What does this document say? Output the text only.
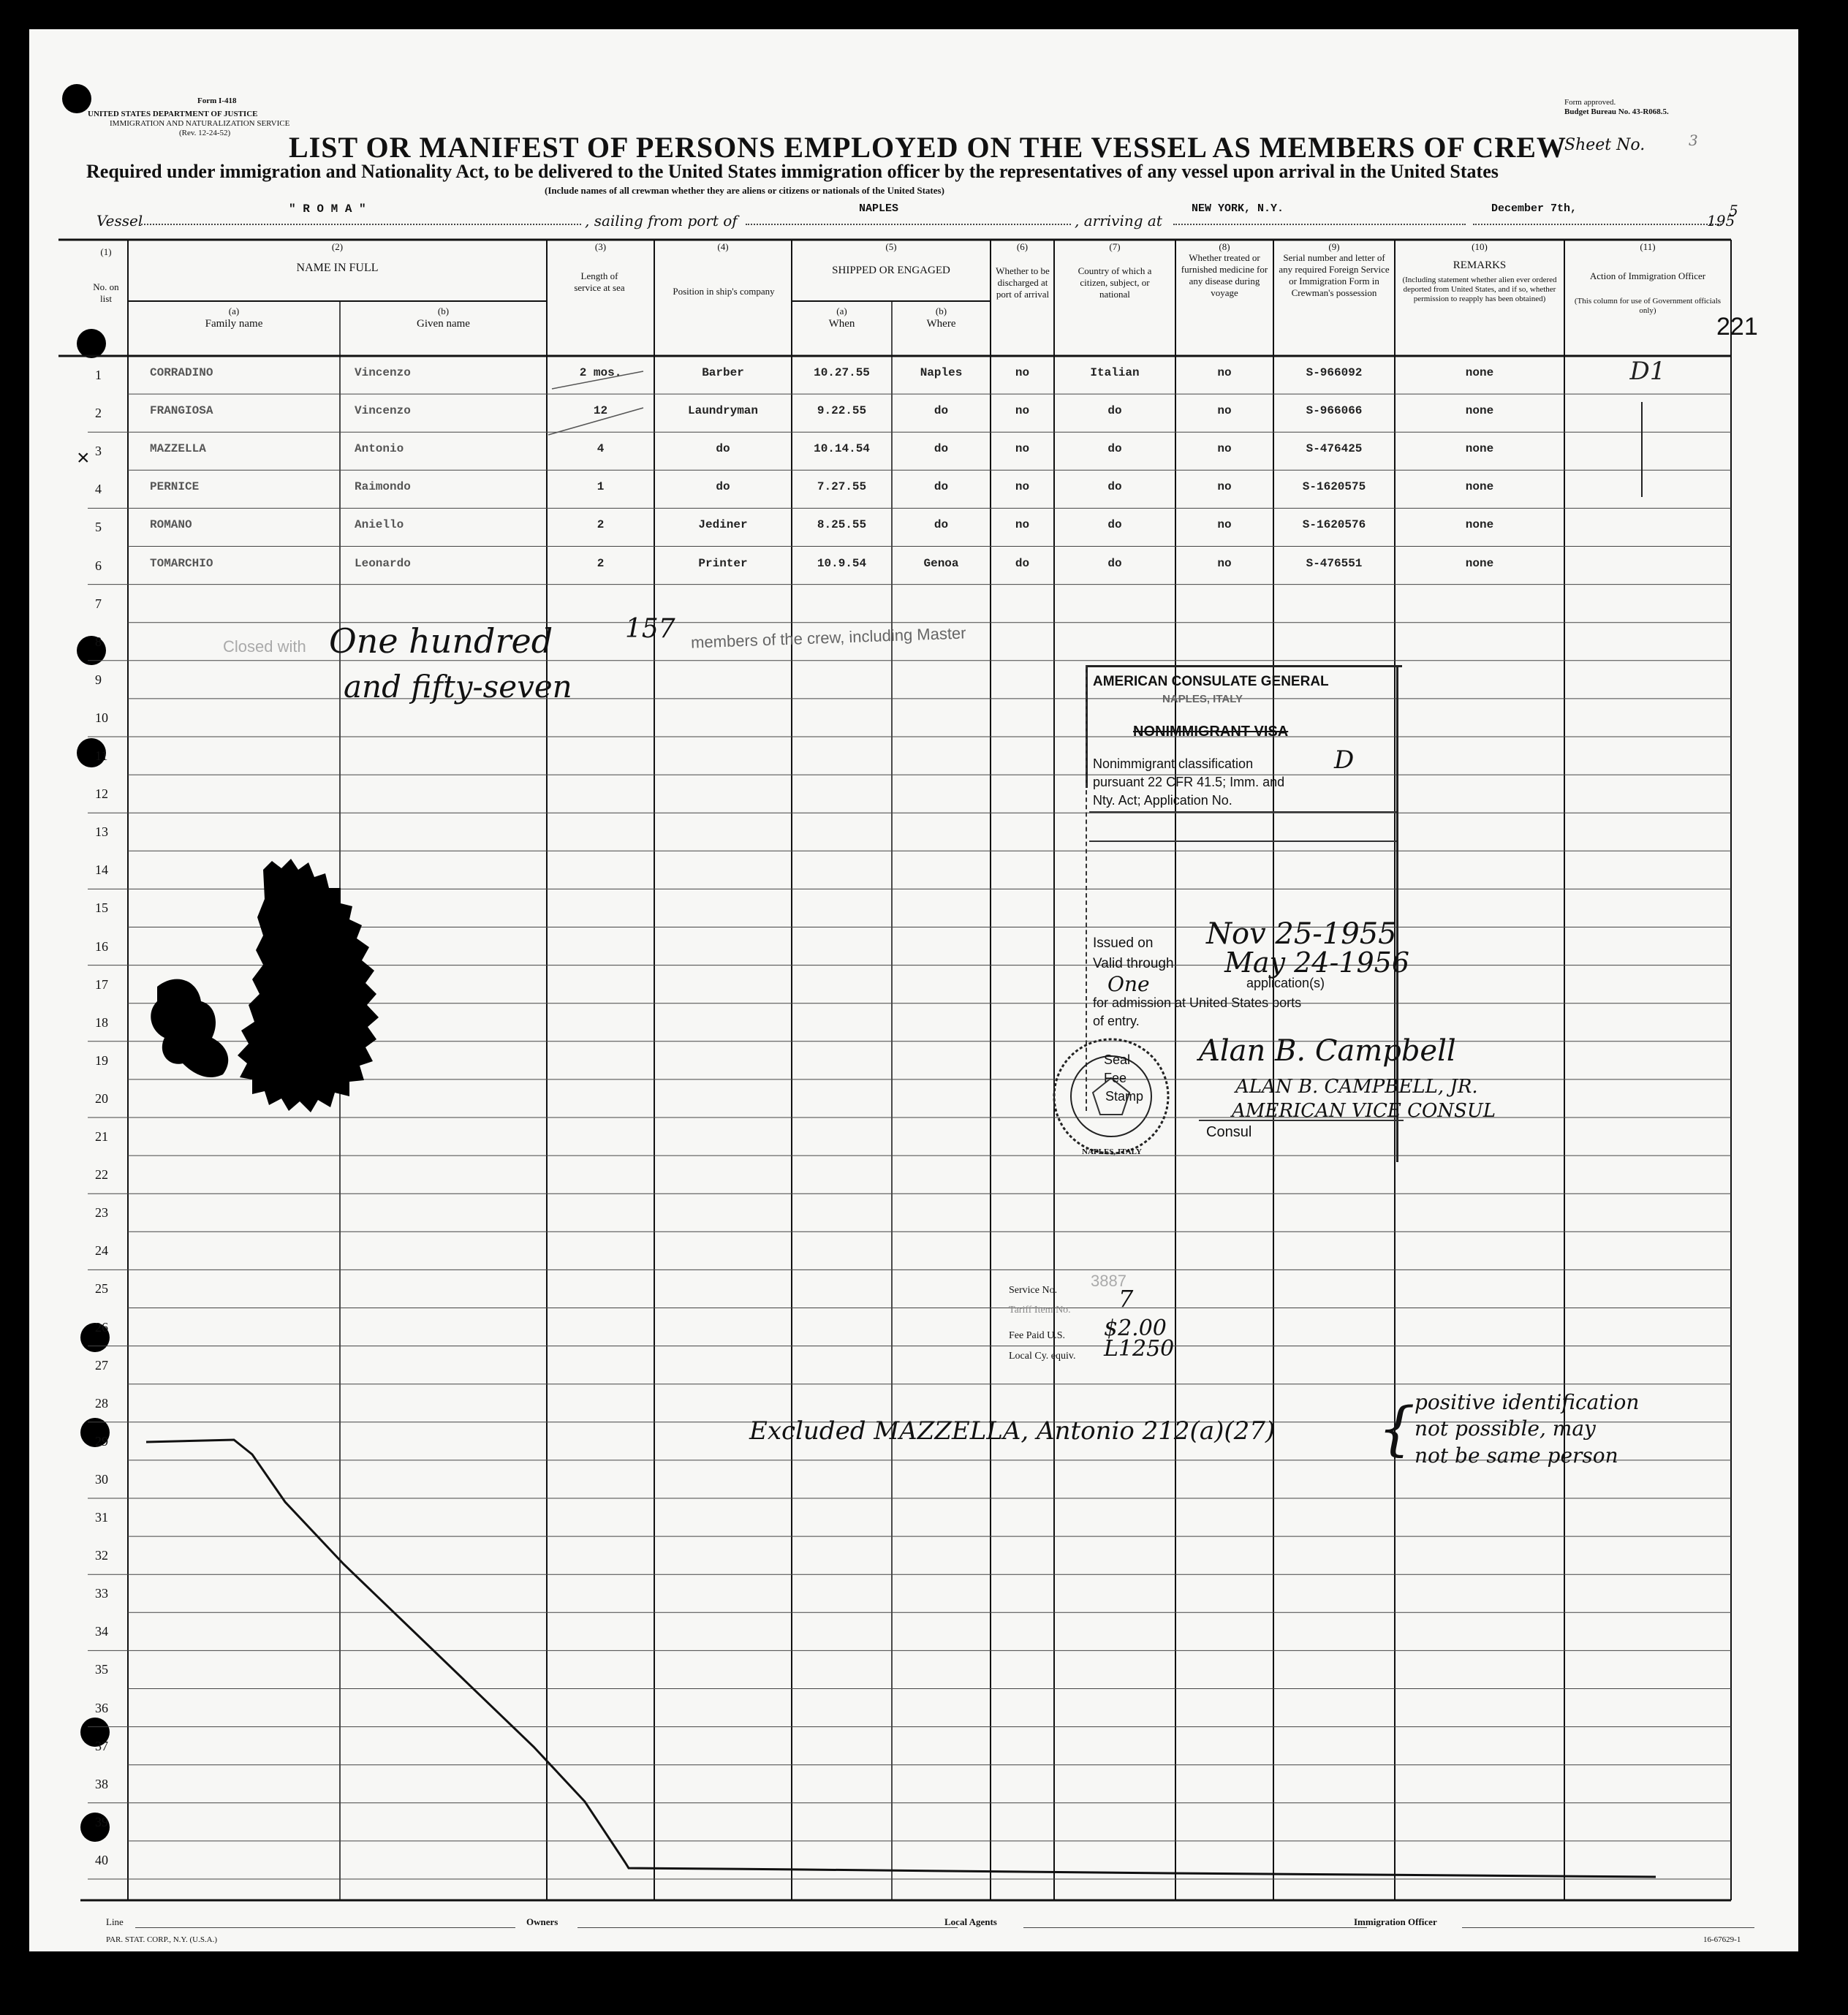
Form I-418
UNITED STATES DEPARTMENT OF JUSTICE
IMMIGRATION AND NATURALIZATION SERVICE
(Rev. 12-24-52)
Form approved.
Budget Bureau No. 43-R068.5.
LIST OR MANIFEST OF PERSONS EMPLOYED ON THE VESSEL AS MEMBERS OF CREW
Sheet No.	3
Required under immigration and Nationality Act, to be delivered to the United States immigration officer by the representatives of any vessel upon arrival in the United States
(Include names of all crewman whether they are aliens or citizens or nationals of the United States)
Vessel
" R O M A "
, sailing from port of
NAPLES
, arriving at
NEW YORK, N.Y.	December 7th,
195
5
221
(1)
No. on list
(2)
NAME IN FULL
(a)
Family name
(b)
Given name
(3)
Length of service at sea
(4)
Position in ship's company
(5)
SHIPPED OR ENGAGED
(a)
When
(b)
Where
(6)
Whether to be discharged at port of arrival
(7)
Country of which a citizen, subject, or national
(8)
Whether treated or furnished medicine for any disease during voyage
(9)
Serial number and letter of any required Foreign Service or Immigration Form in Crewman's possession
(10)
REMARKS
(Including statement whether alien ever ordered deported from United States, and if so, whether permission to reapply has been obtained)
(11)
Action of Immigration Officer
(This column for use of Government officials only)
CORRADINO	Vincenzo	2 mos.	Barber	10.27.55	Naples	no	Italian	no	S-966092	none	D1
FRANGIOSA	Vincenzo	12	Laundryman	9.22.55	do	no	do	no	S-966066	none
MAZZELLA	Antonio	4	do	10.14.54	do	no	do	no	S-476425	none
PERNICE	Raimondo	1	do	7.27.55	do	no	do	no	S-1620575	none
ROMANO	Aniello	2	Jediner	8.25.55	do	no	do	no	S-1620576	none
TOMARCHIO	Leonardo	2	Printer	10.9.54	Genoa	do	do	no	S-476551	none
1
2
3
4
5
6
7
8
9
10
11
12
13
14
15
16
17
18
19
20
21
22
23
24
25
26
27
28
29
30
31
32
33
34
35
36
37
38
39
40
×
Closed with One hundred
and fifty-seven
157 members of the crew, including Master
AMERICAN CONSULATE GENERAL
NAPLES, ITALY
NONIMMIGRANT VISA
Nonimmigrant classification	D
pursuant 22 CFR 41.5; Imm. and
Nty. Act; Application No.
Issued on Nov 25-1955
Valid through May 24-1956
One	application(s)
for admission at United States ports
of entry.
Seal
Fee
Stamp
NAPLES, ITALY
Alan B. Campbell
ALAN B. CAMPBELL, JR.
AMERICAN VICE CONSUL
Consul
Service No.
3887
Tariff Item No. 7
Fee Paid U.S. $2.00
Local Cy. equiv. L1250
Excluded MAZZELLA, Antonio 212(a)(27) { positive identification
not possible, may
not be same person
Line	Owners	Local Agents	Immigration Officer
PAR. STAT. CORP., N.Y. (U.S.A.)	16-67629-1
